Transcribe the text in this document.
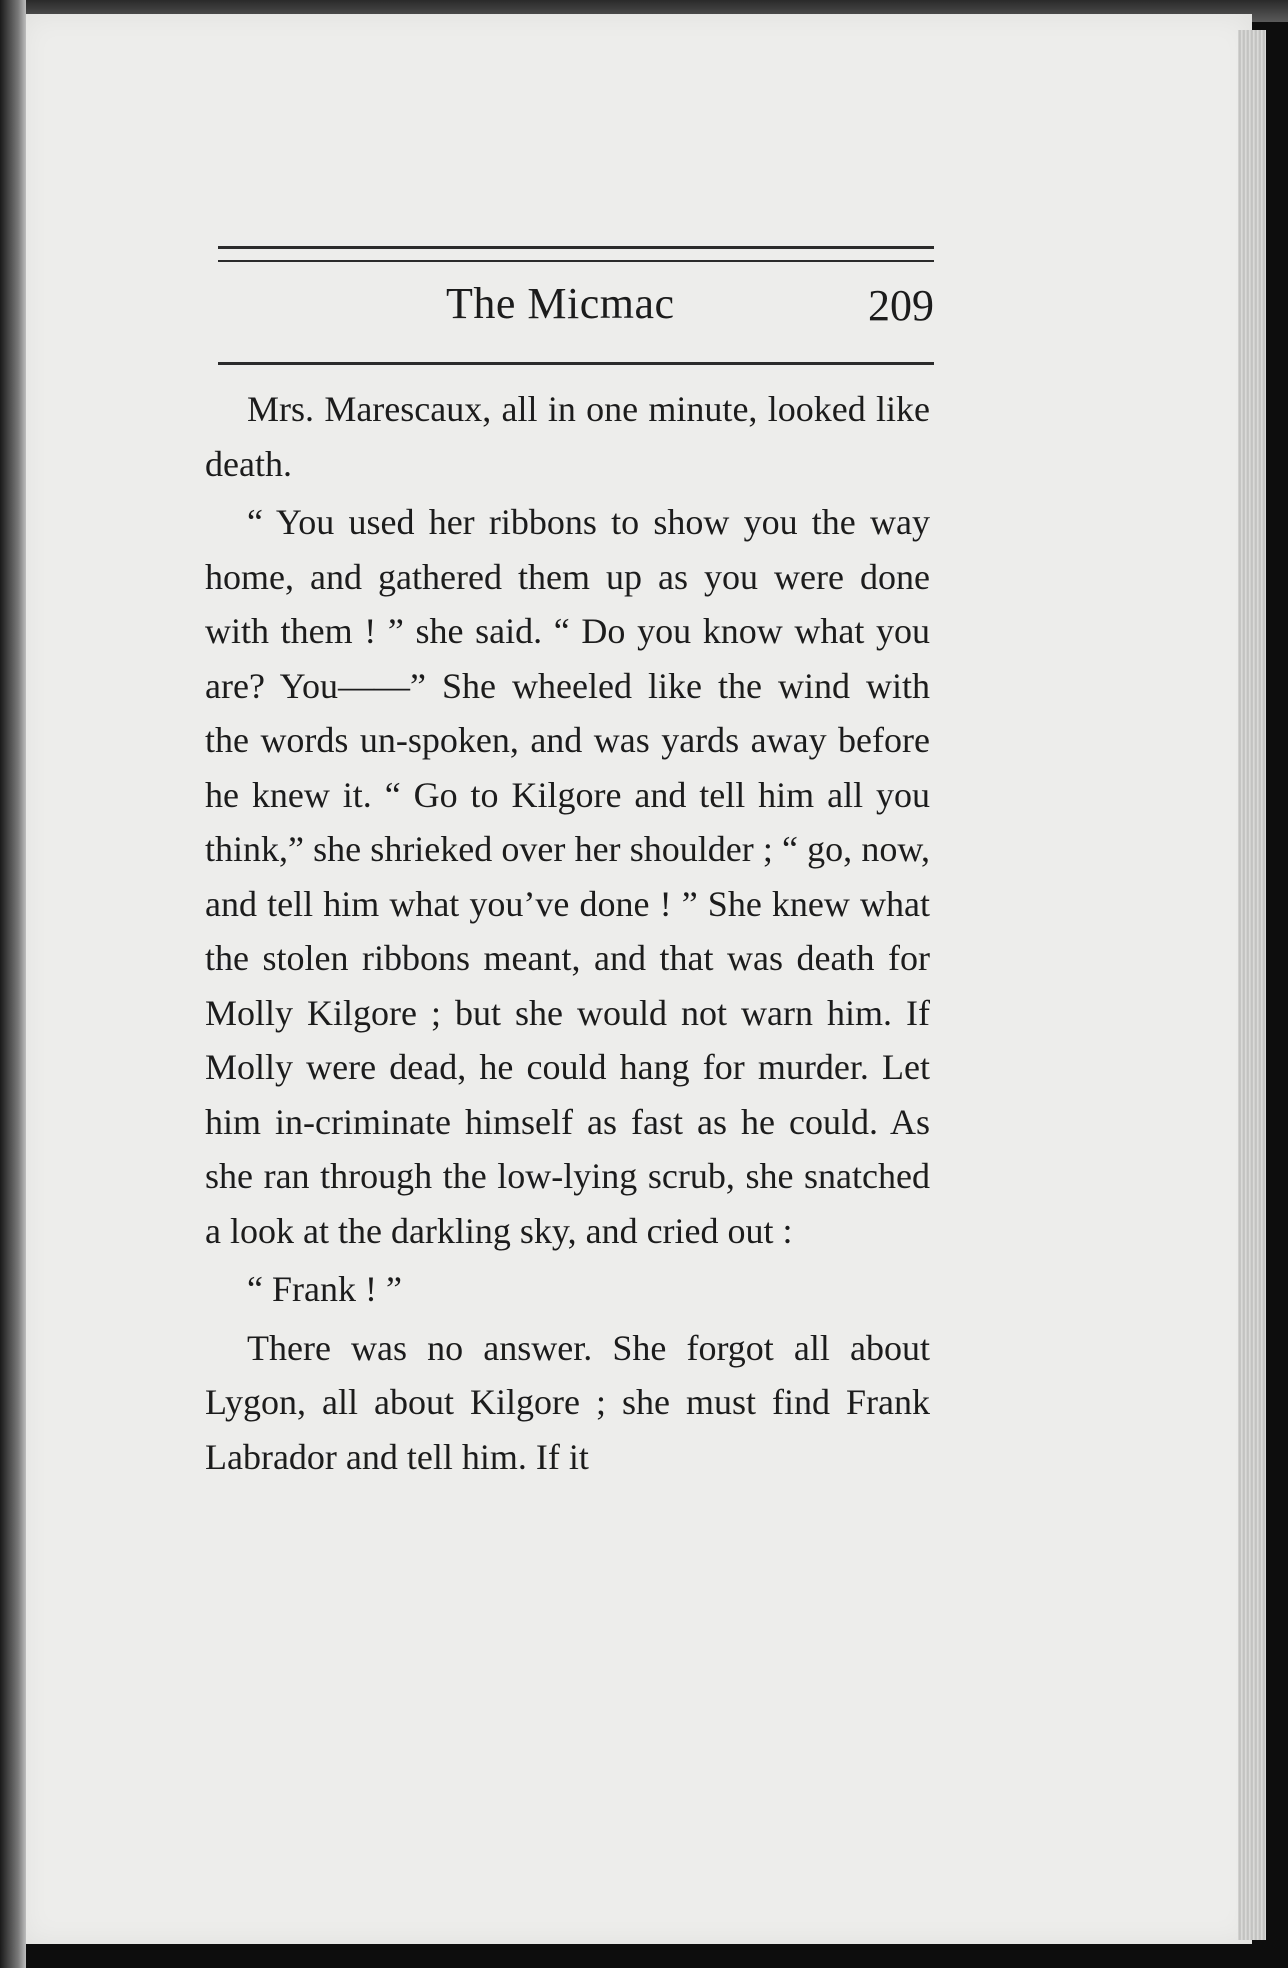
The Micmac	209

Mrs. Marescaux, all in one minute, looked like death.

“ You used her ribbons to show you the way home, and gathered them up as you were done with them ! ” she said. “ Do you know what you are? You——” She wheeled like the wind with the words un-spoken, and was yards away before he knew it. “ Go to Kilgore and tell him all you think,” she shrieked over her shoulder ; “ go, now, and tell him what you’ve done ! ” She knew what the stolen ribbons meant, and that was death for Molly Kilgore ; but she would not warn him. If Molly were dead, he could hang for murder. Let him in-criminate himself as fast as he could. As she ran through the low-lying scrub, she snatched a look at the darkling sky, and cried out :

“ Frank ! ”

There was no answer. She forgot all about Lygon, all about Kilgore ; she must find Frank Labrador and tell him. If it
